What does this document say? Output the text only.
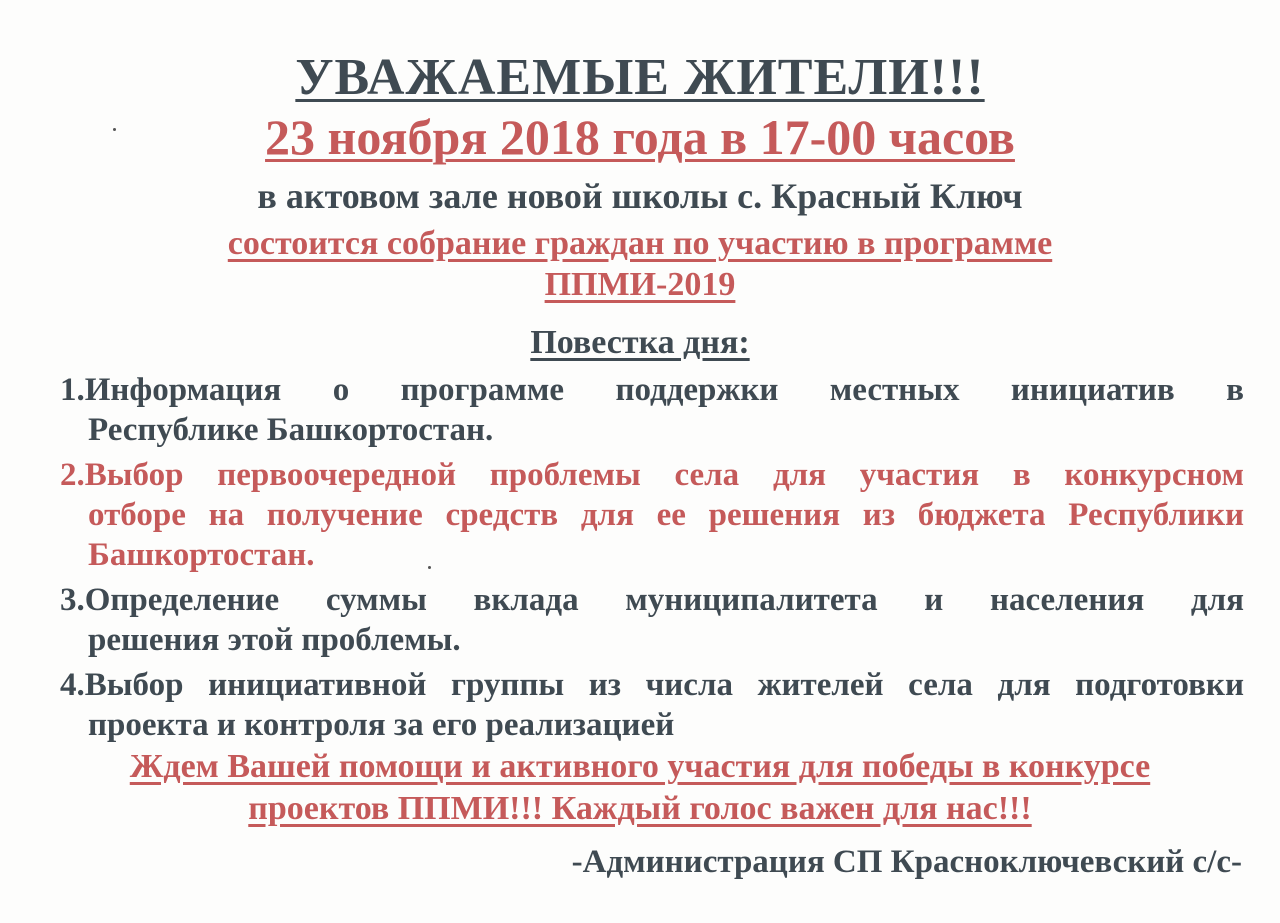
УВАЖАЕМЫЕ ЖИТЕЛИ!!!
23 ноября 2018 года в 17-00 часов
в актовом зале новой школы с. Красный Ключ
состоится собрание граждан по участию в программе
ППМИ-2019
Повестка дня:
1.Информация о программе поддержки местных инициатив в
Республике Башкортостан.
2.Выбор первоочередной проблемы села для участия в конкурсном
отборе на получение средств для ее решения из бюджета Республики
Башкортостан.
3.Определение суммы вклада муниципалитета и населения для
решения этой проблемы.
4.Выбор инициативной группы из числа жителей села для подготовки
проекта и контроля за его реализацией
Ждем Вашей помощи и активного участия для победы в конкурсе
проектов ППМИ!!! Каждый голос важен для нас!!!
-Администрация СП Красноключевский с/с-
